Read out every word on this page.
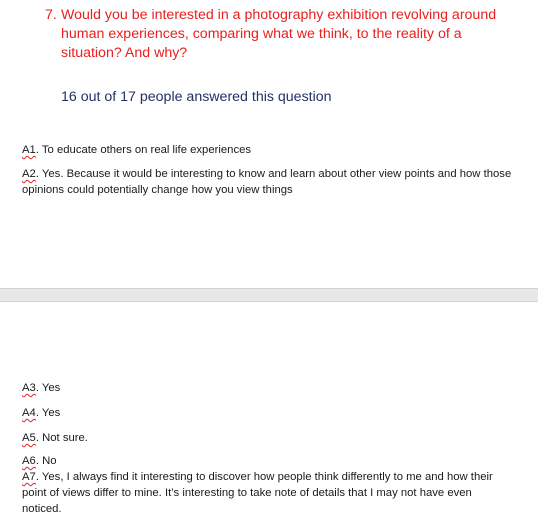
7. Would you be interested in a photography exhibition revolving around human experiences, comparing what we think, to the reality of a situation? And why?
16 out of 17 people answered this question
A1. To educate others on real life experiences
A2. Yes. Because it would be interesting to know and learn about other view points and how those opinions could potentially change how you view things
A3. Yes
A4. Yes
A5. Not sure.
A6. No
A7. Yes, I always find it interesting to discover how people think differently to me and how their point of views differ to mine. It’s interesting to take note of details that I may not have even noticed.
